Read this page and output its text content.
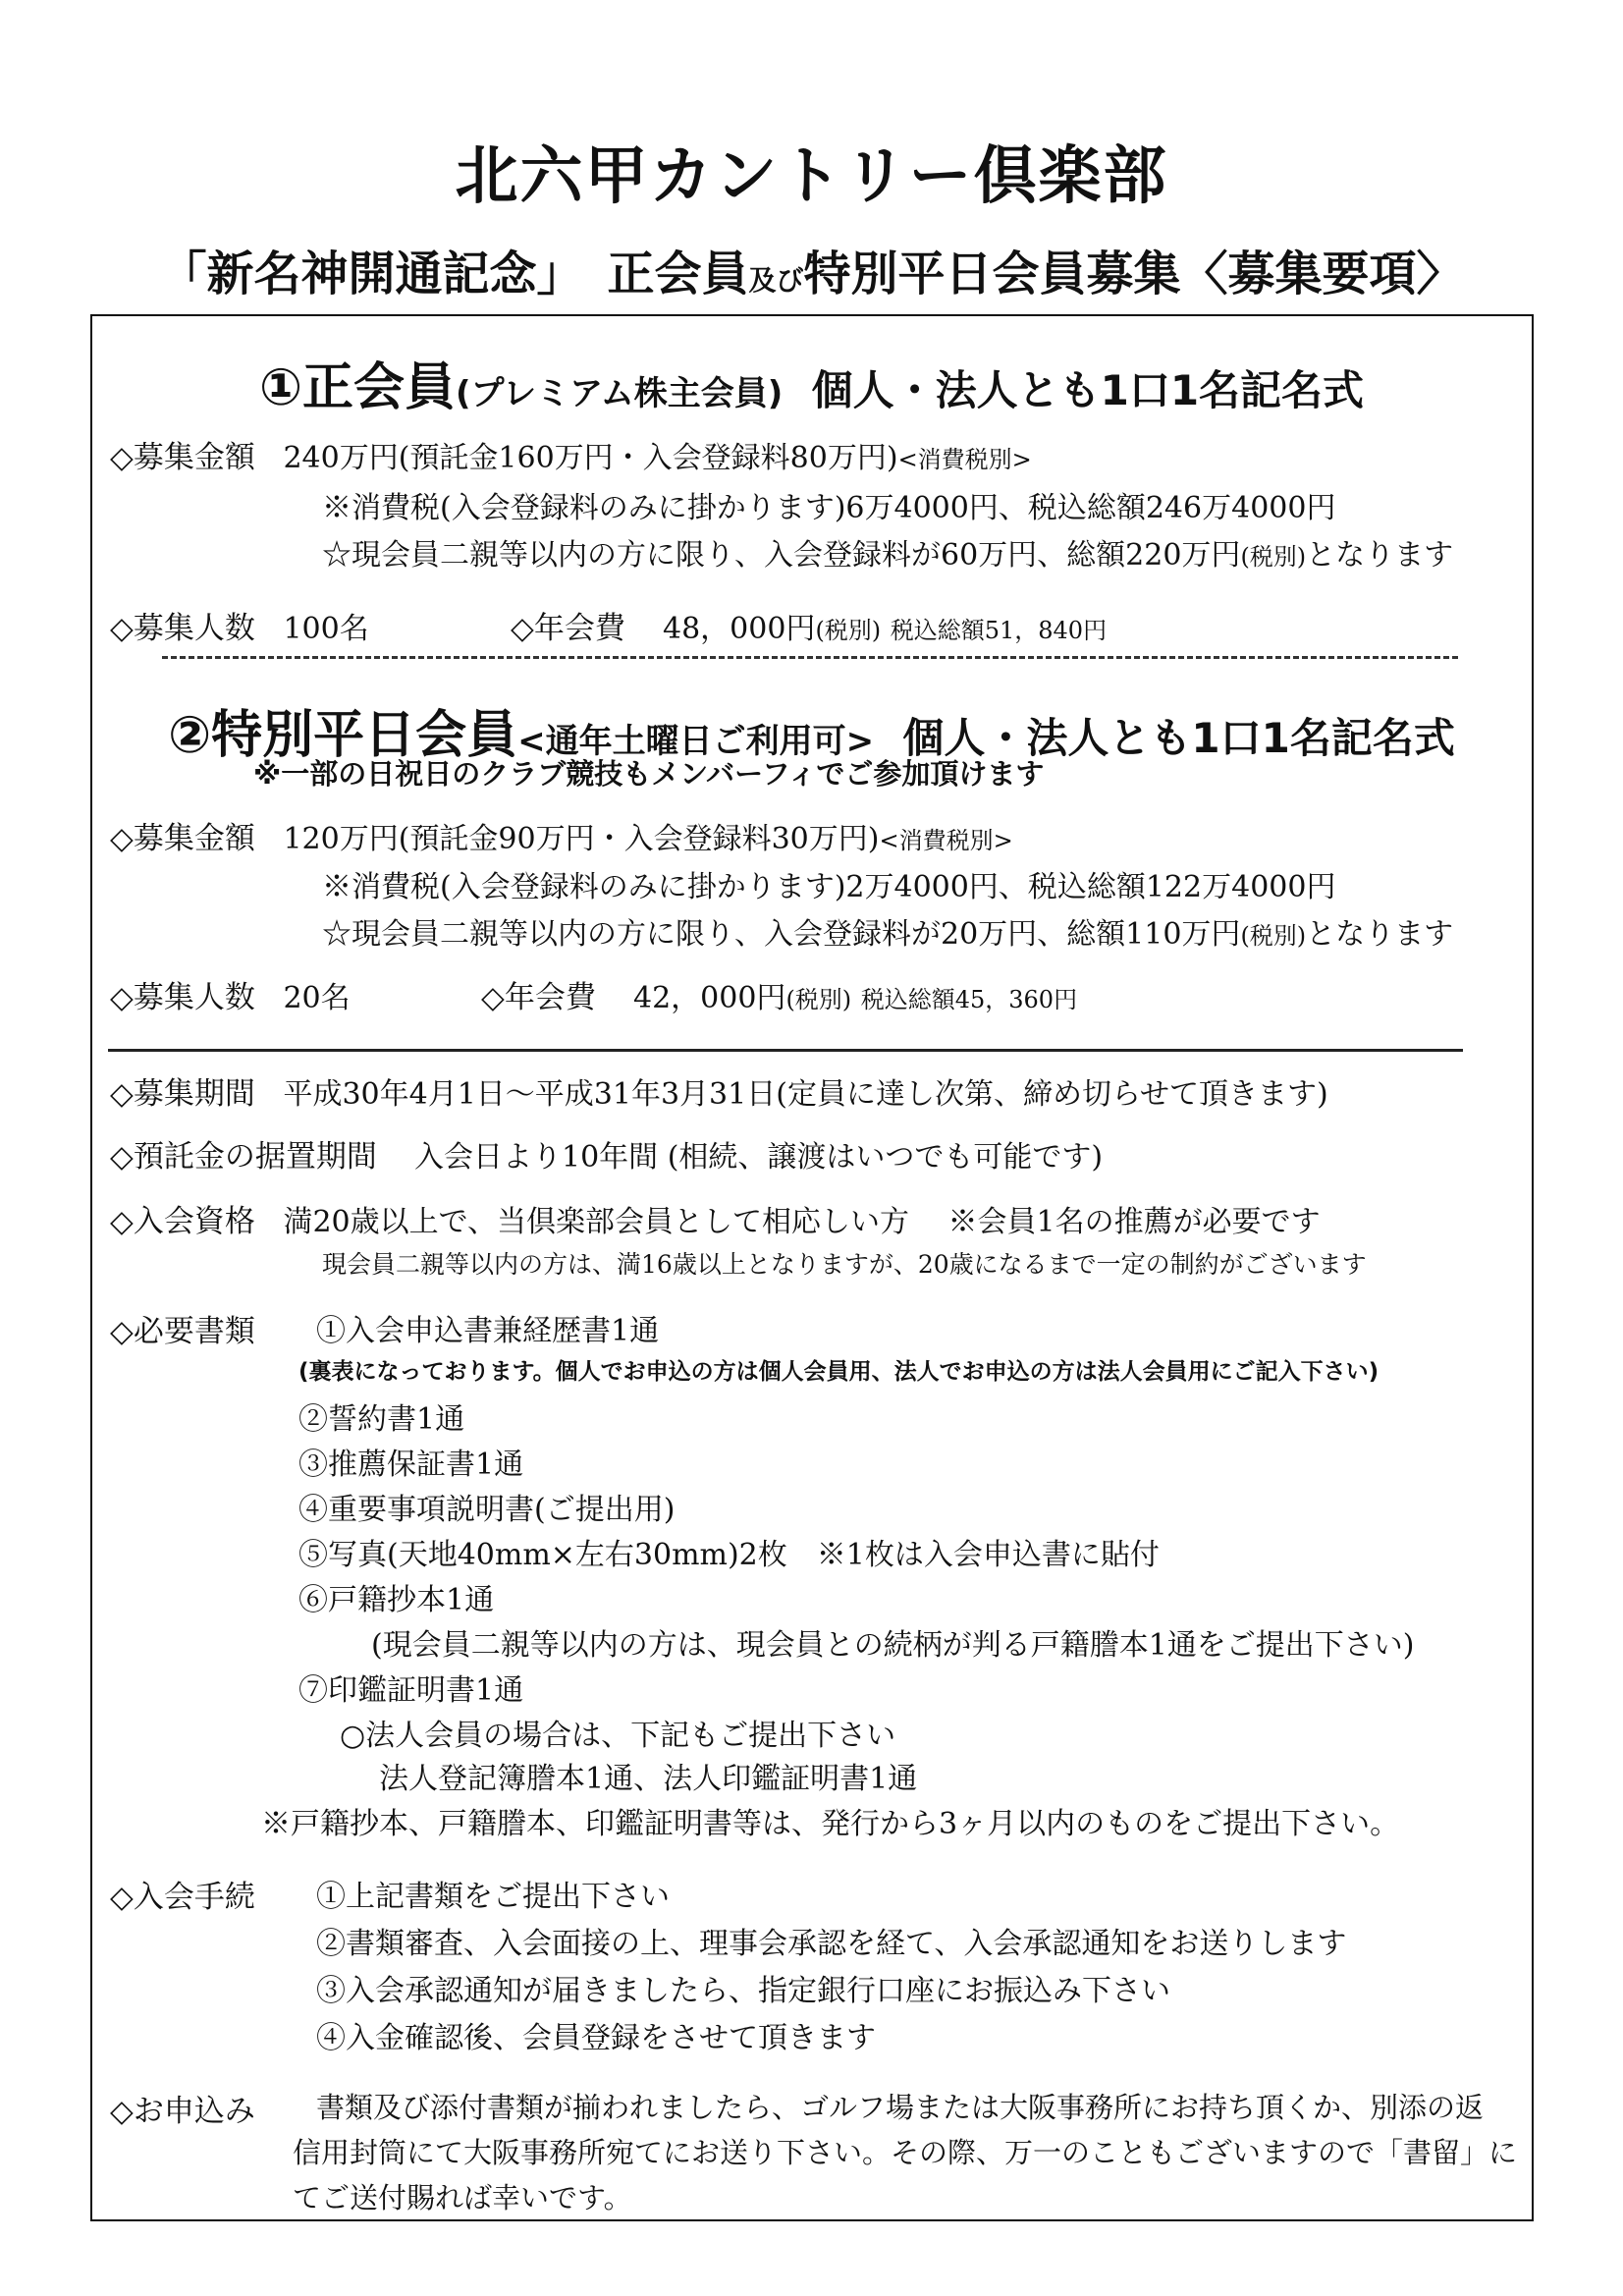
北六甲カントリー倶楽部
「新名神開通記念」　正会員及び特別平日会員募集〈募集要項〉
①正会員(プレミアム株主会員) 個人・法人とも1口1名記名式
◇募集金額 240万円(預託金160万円・入会登録料80万円)<消費税別>
※消費税(入会登録料のみに掛かります)6万4000円、税込総額246万4000円
☆現会員二親等以内の方に限り、入会登録料が60万円、総額220万円(税別)となります
◇募集人数 100名	◇年会費 48，000円(税別) 税込総額51，840円
②特別平日会員<通年土曜日ご利用可> 個人・法人とも1口1名記名式
※一部の日祝日のクラブ競技もメンバーフィでご参加頂けます
◇募集金額 120万円(預託金90万円・入会登録料30万円)<消費税別>
※消費税(入会登録料のみに掛かります)2万4000円、税込総額122万4000円
☆現会員二親等以内の方に限り、入会登録料が20万円、総額110万円(税別)となります
◇募集人数 20名	◇年会費 42，000円(税別) 税込総額45，360円
◇募集期間 平成30年4月1日～平成31年3月31日(定員に達し次第、締め切らせて頂きます)
◇預託金の据置期間 入会日より10年間 (相続、譲渡はいつでも可能です)
◇入会資格 満20歳以上で、当倶楽部会員として相応しい方　 ※会員1名の推薦が必要です
現会員二親等以内の方は、満16歳以上となりますが、20歳になるまで一定の制約がございます
◇必要書類 ①入会申込書兼経歴書1通
(裏表になっております。個人でお申込の方は個人会員用、法人でお申込の方は法人会員用にご記入下さい)
②誓約書1通
③推薦保証書1通
④重要事項説明書(ご提出用)
⑤写真(天地40mm×左右30mm)2枚　※1枚は入会申込書に貼付
⑥戸籍抄本1通
(現会員二親等以内の方は、現会員との続柄が判る戸籍謄本1通をご提出下さい)
⑦印鑑証明書1通
○法人会員の場合は、下記もご提出下さい
法人登記簿謄本1通、法人印鑑証明書1通
※戸籍抄本、戸籍謄本、印鑑証明書等は、発行から3ヶ月以内のものをご提出下さい。
◇入会手続 ①上記書類をご提出下さい
②書類審査、入会面接の上、理事会承認を経て、入会承認通知をお送りします
③入会承認通知が届きましたら、指定銀行口座にお振込み下さい
④入金確認後、会員登録をさせて頂きます
◇お申込み 書類及び添付書類が揃われましたら、ゴルフ場または大阪事務所にお持ち頂くか、別添の返
信用封筒にて大阪事務所宛てにお送り下さい。その際、万一のこともございますので「書留」に
てご送付賜れば幸いです。
